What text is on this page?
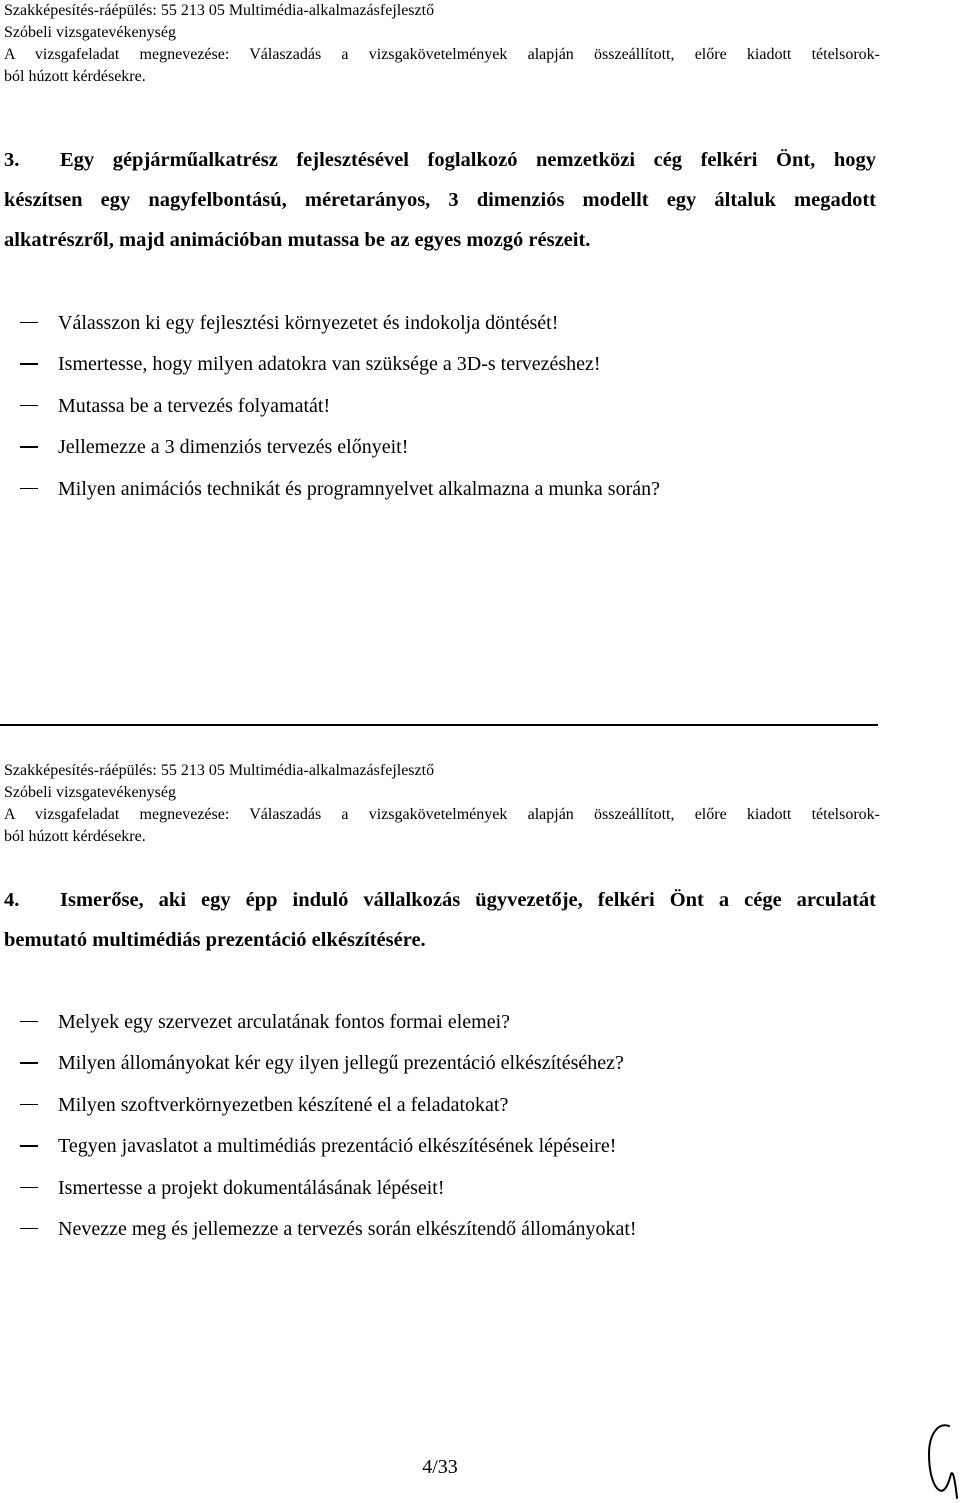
Szakképesítés-ráépülés: 55 213 05 Multimédia-alkalmazásfejlesztő
Szóbeli vizsgatevékenység
A vizsgafeladat megnevezése: Válaszadás a vizsgakövetelmények alapján összeállított, előre kiadott tételsorok-
ból húzott kérdésekre.
3. Egy gépjárműalkatrész fejlesztésével foglalkozó nemzetközi cég felkéri Önt, hogy
készítsen egy nagyfelbontású, méretarányos, 3 dimenziós modellt egy általuk megadott
alkatrészről, majd animációban mutassa be az egyes mozgó részeit.
Válasszon ki egy fejlesztési környezetet és indokolja döntését!
Ismertesse, hogy milyen adatokra van szüksége a 3D-s tervezéshez!
Mutassa be a tervezés folyamatát!
Jellemezze a 3 dimenziós tervezés előnyeit!
Milyen animációs technikát és programnyelvet alkalmazna a munka során?
Szakképesítés-ráépülés: 55 213 05 Multimédia-alkalmazásfejlesztő
Szóbeli vizsgatevékenység
A vizsgafeladat megnevezése: Válaszadás a vizsgakövetelmények alapján összeállított, előre kiadott tételsorok-
ból húzott kérdésekre.
4. Ismerőse, aki egy épp induló vállalkozás ügyvezetője, felkéri Önt a cége arculatát
bemutató multimédiás prezentáció elkészítésére.
Melyek egy szervezet arculatának fontos formai elemei?
Milyen állományokat kér egy ilyen jellegű prezentáció elkészítéséhez?
Milyen szoftverkörnyezetben készítené el a feladatokat?
Tegyen javaslatot a multimédiás prezentáció elkészítésének lépéseire!
Ismertesse a projekt dokumentálásának lépéseit!
Nevezze meg és jellemezze a tervezés során elkészítendő állományokat!
4/33
